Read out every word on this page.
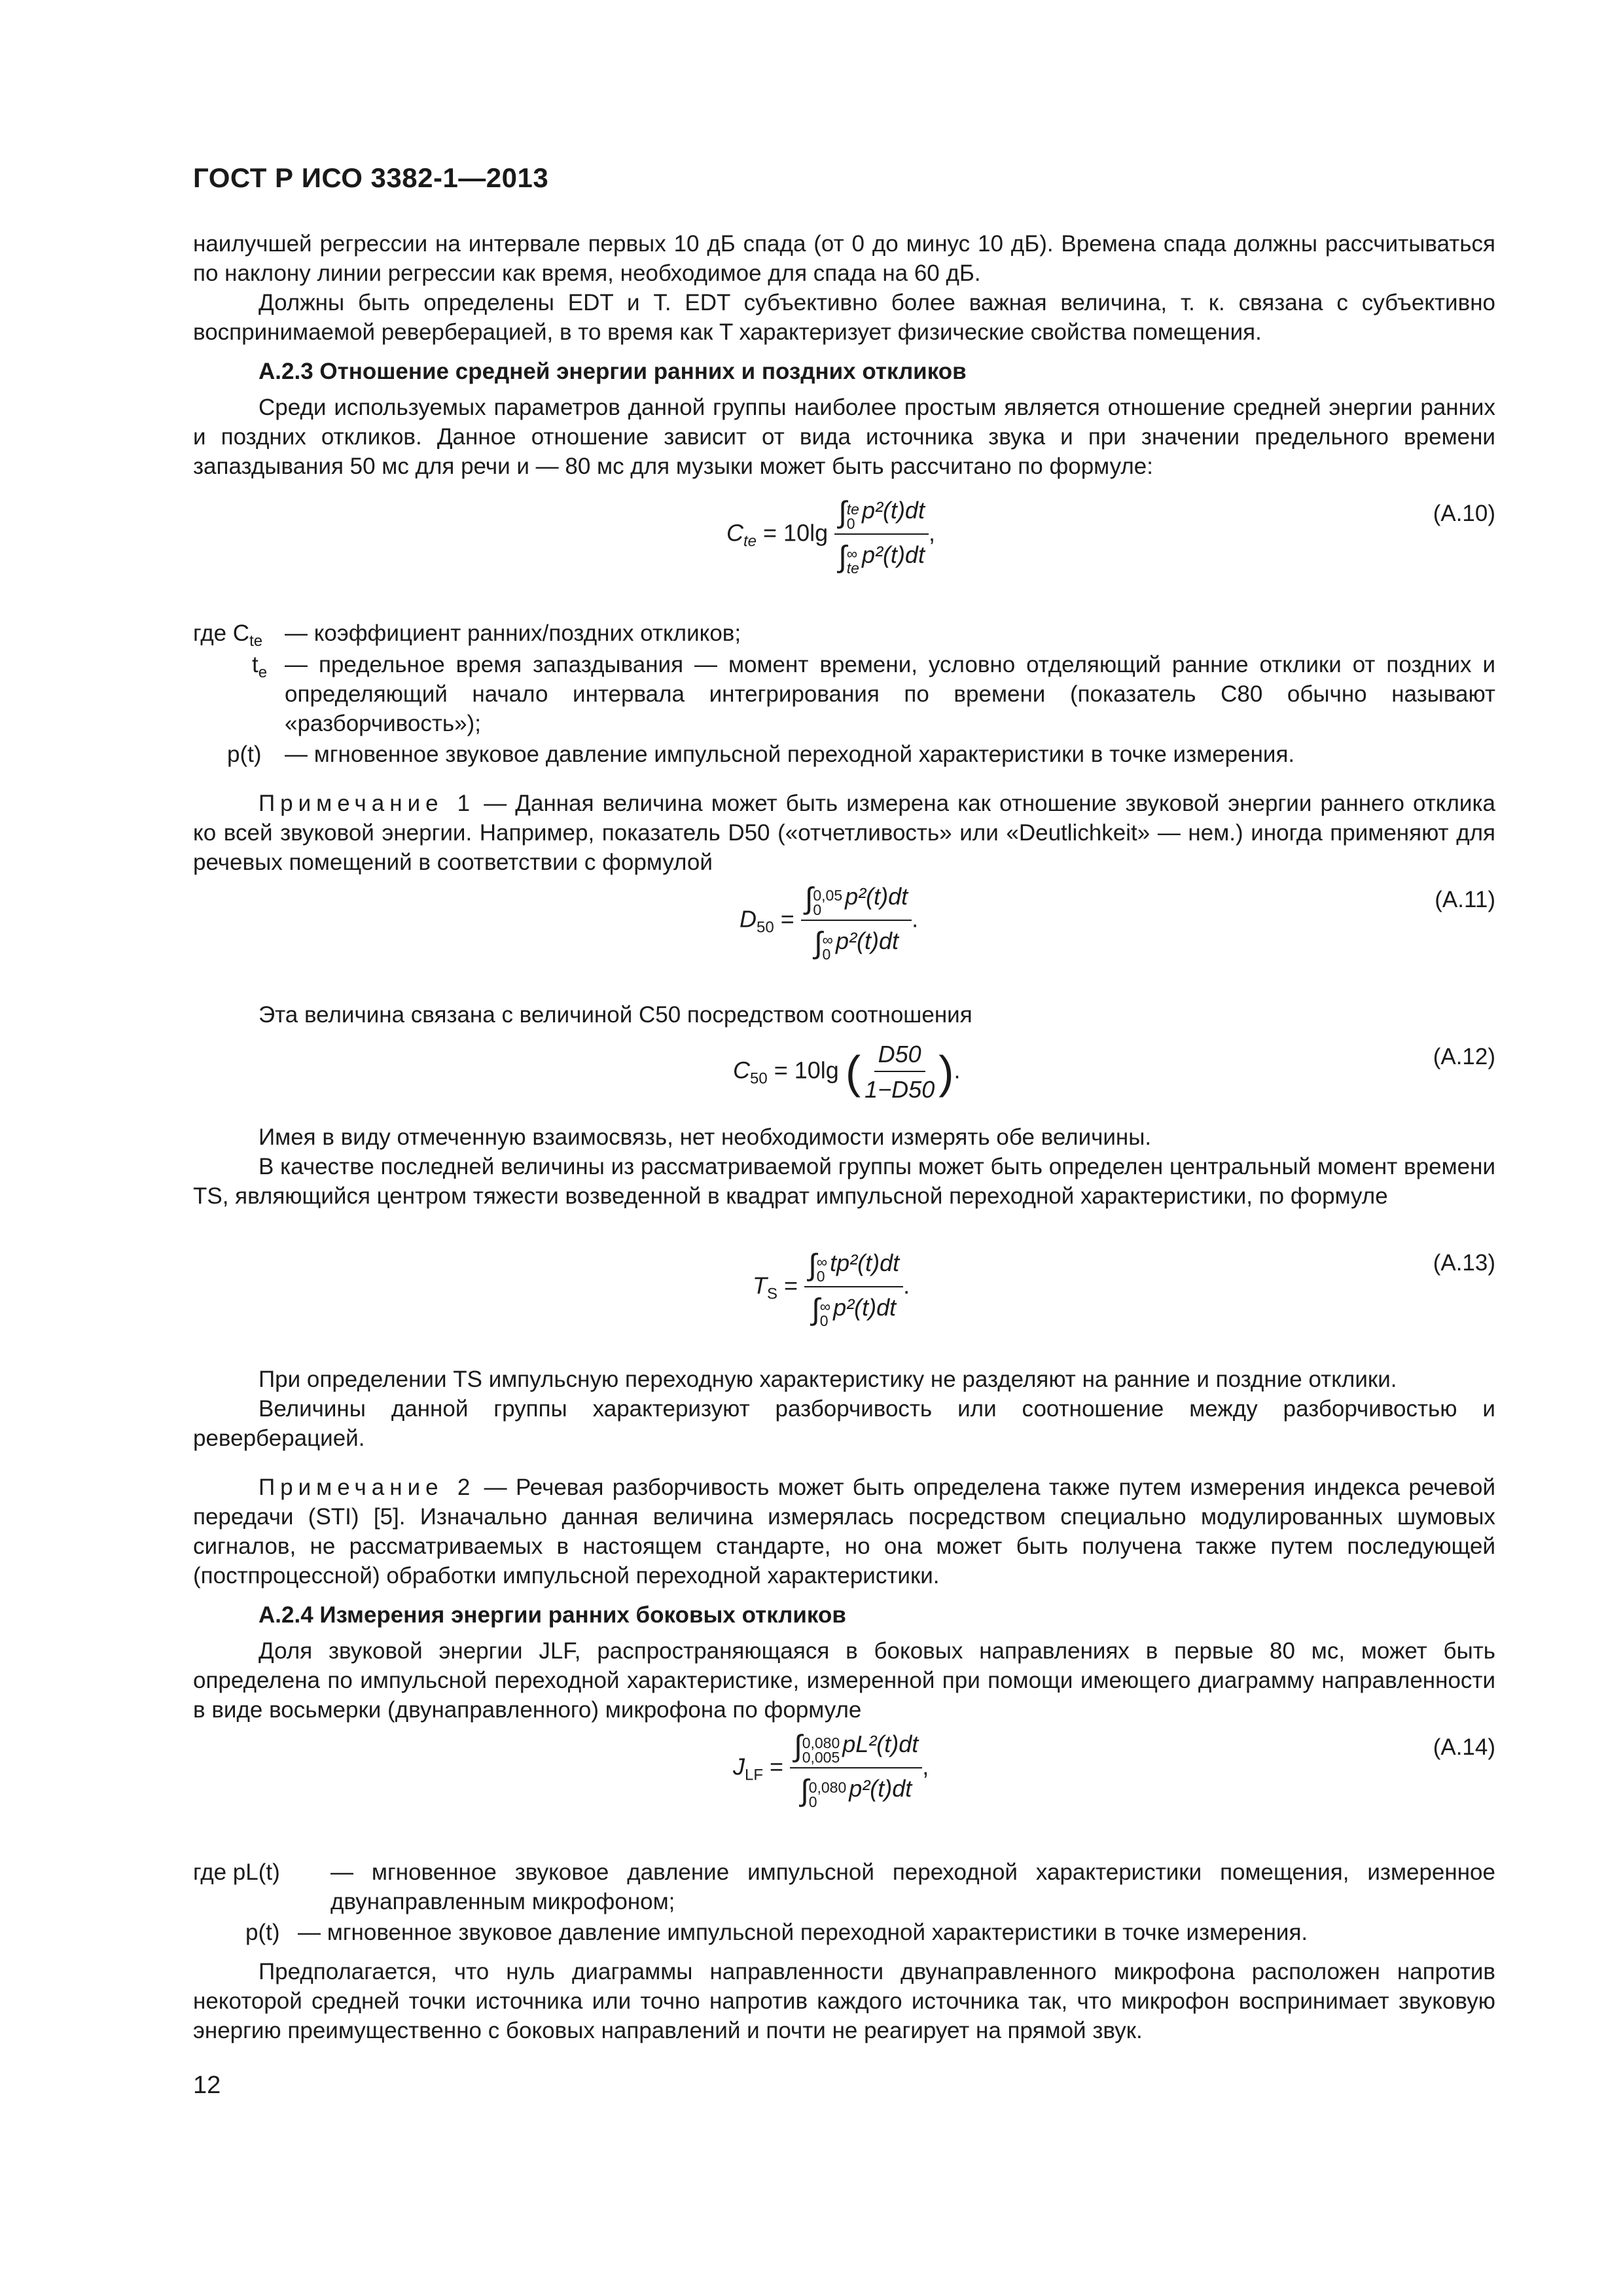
ГОСТ Р ИСО 3382-1—2013
наилучшей регрессии на интервале первых 10 дБ спада (от 0 до минус 10 дБ). Времена спада должны рассчитываться по наклону линии регрессии как время, необходимое для спада на 60 дБ.
Должны быть определены EDT и T. EDT субъективно более важная величина, т. к. связана с субъективно воспринимаемой реверберацией, в то время как T характеризует физические свойства помещения.
А.2.3 Отношение средней энергии ранних и поздних откликов
Среди используемых параметров данной группы наиболее простым является отношение средней энергии ранних и поздних откликов. Данное отношение зависит от вида источника звука и при значении предельного времени запаздывания 50 мс для речи и — 80 мс для музыки может быть рассчитано по формуле:
$C_{te} = 10\lg$ ∫ te
0 p²(t)dt
∫ ∞
te p²(t)dt ,
(А.10)
где $C_{te}$ — коэффициент ранних/поздних откликов;
$t_e$ — предельное время запаздывания — момент времени, условно отделяющий ранние отклики от поздних и определяющий начало интервала интегрирования по времени (показатель C80 обычно называют «разборчивость»);
p(t) — мгновенное звуковое давление импульсной переходной характеристики в точке измерения.
Примечание 1 — Данная величина может быть измерена как отношение звуковой энергии раннего отклика ко всей звуковой энергии. Например, показатель D50 («отчетливость» или «Deutlichkeit» — нем.) иногда применяют для речевых помещений в соответствии с формулой
$D_{50}$ = ∫ 0,05
0 p²(t)dt
∫ ∞
0 p²(t)dt .
(А.11)
Эта величина связана с величиной C50 посредством соотношения
$C_{50} = 10\lg$ ( $\frac{D50}{1-D50}$ ).
(А.12)
Имея в виду отмеченную взаимосвязь, нет необходимости измерять обе величины.
В качестве последней величины из рассматриваемой группы может быть определен центральный момент времени TS, являющийся центром тяжести возведенной в квадрат импульсной переходной характеристики, по формуле
$T_S$ = ∫ ∞
0 tp²(t)dt
∫ ∞
0 p²(t)dt .
(А.13)
При определении TS импульсную переходную характеристику не разделяют на ранние и поздние отклики.
Величины данной группы характеризуют разборчивость или соотношение между разборчивостью и реверберацией.
Примечание 2 — Речевая разборчивость может быть определена также путем измерения индекса речевой передачи (STI) [5]. Изначально данная величина измерялась посредством специально модулированных шумовых сигналов, не рассматриваемых в настоящем стандарте, но она может быть получена также путем последующей (постпроцессной) обработки импульсной переходной характеристики.
А.2.4 Измерения энергии ранних боковых откликов
Доля звуковой энергии JLF, распространяющаяся в боковых направлениях в первые 80 мс, может быть определена по импульсной переходной характеристике, измеренной при помощи имеющего диаграмму направленности в виде восьмерки (двунаправленного) микрофона по формуле
$J_{LF}$ = ∫ 0,080
0,005 pL²(t)dt
∫ 0,080
0	p²(t)dt ,
(А.14)
где pL(t) — мгновенное звуковое давление импульсной переходной характеристики помещения, измеренное двунаправленным микрофоном;
p(t) — мгновенное звуковое давление импульсной переходной характеристики в точке измерения.
Предполагается, что нуль диаграммы направленности двунаправленного микрофона расположен напротив некоторой средней точки источника или точно напротив каждого источника так, что микрофон воспринимает звуковую энергию преимущественно с боковых направлений и почти не реагирует на прямой звук.
12
